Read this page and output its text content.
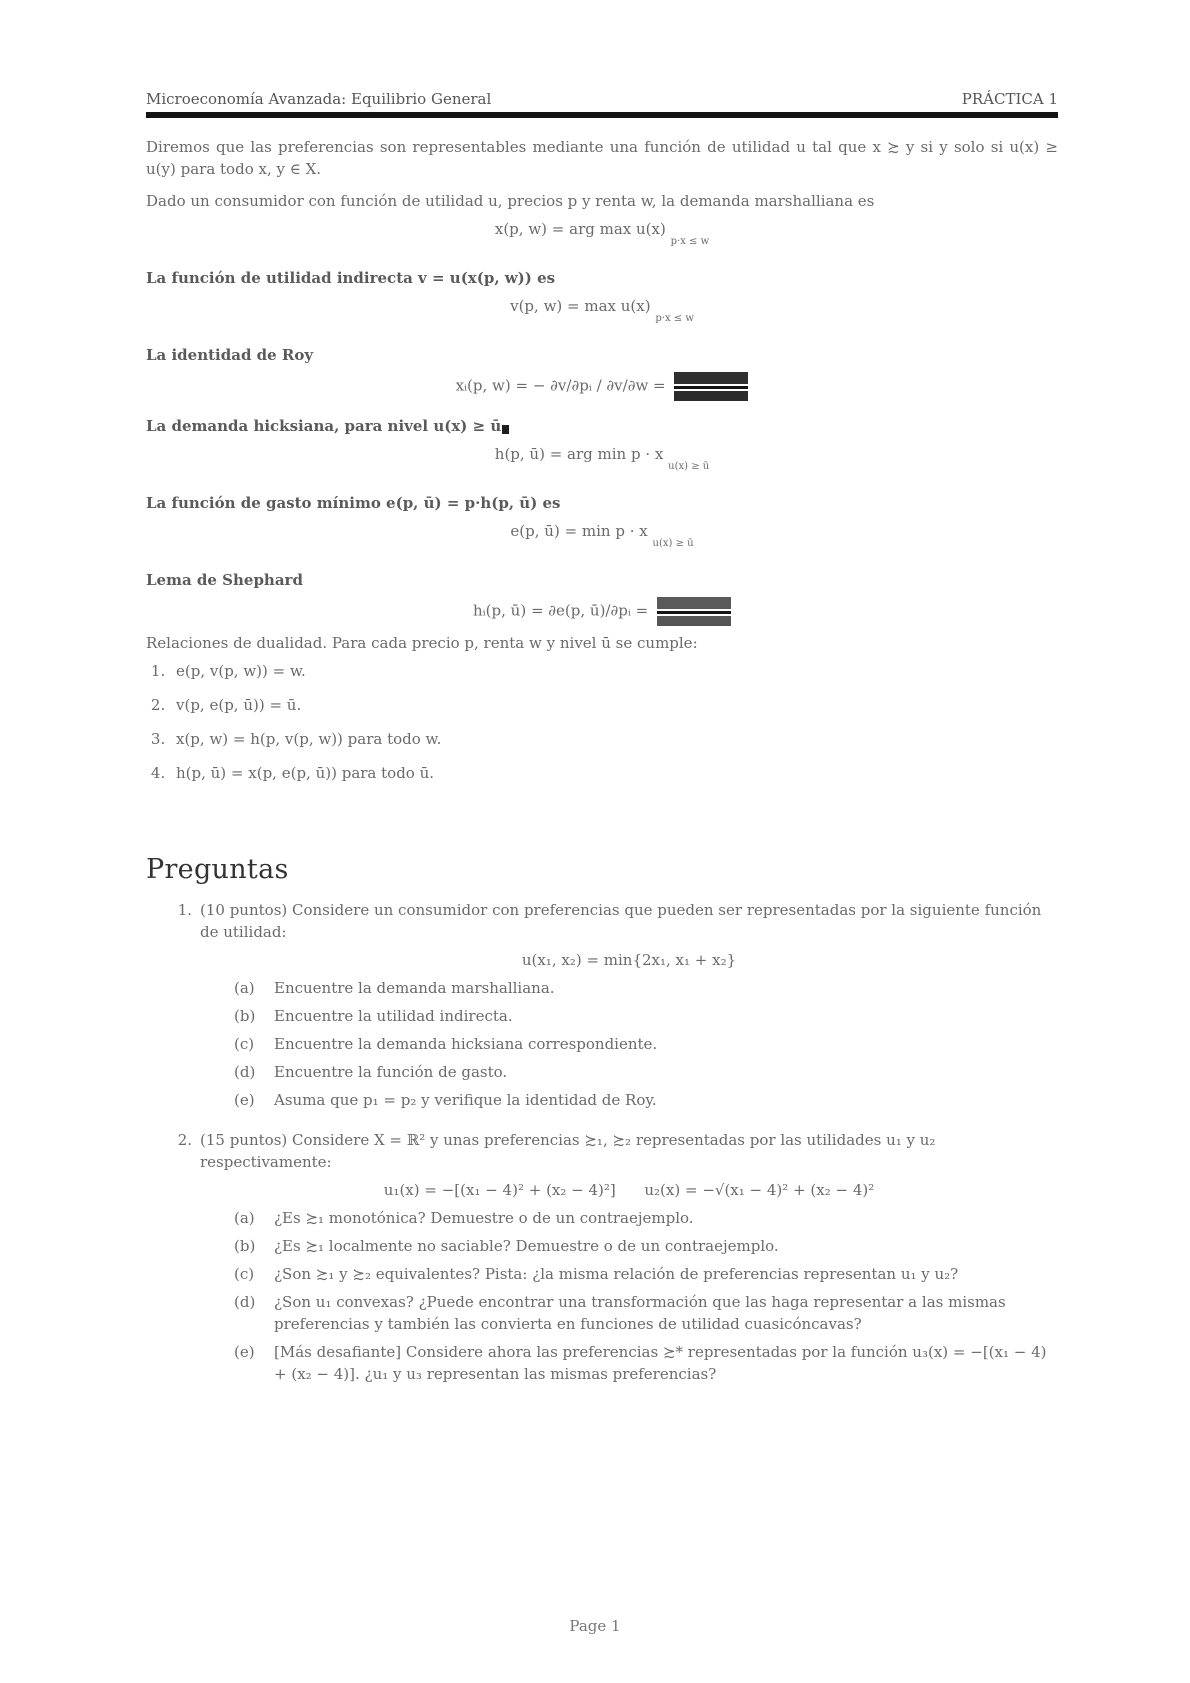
Microeconomía Avanzada: Equilibrio General	PRÁCTICA 1

Diremos que las preferencias son representables mediante una función de utilidad u tal que x ≿ y si y solo si u(x) ≥ u(y) para todo x, y ∈ X.

Dado un consumidor con función de utilidad u, precios p y renta w, la demanda marshalliana es

x(p, w) = arg max u(x) p·x ≤ w

La función de utilidad indirecta v = u(x(p, w)) es

v(p, w) = max u(x) p·x ≤ w

La identidad de Roy

xᵢ(p, w) = − ∂v/∂pᵢ / ∂v/∂w =

La demanda hicksiana, para nivel u(x) ≥ ū

h(p, ū) = arg min p · x u(x) ≥ ū

La función de gasto mínimo e(p, ū) = p·h(p, ū) es

e(p, ū) = min p · x u(x) ≥ ū

Lema de Shephard

hᵢ(p, ū) = ∂e(p, ū)/∂pᵢ =

Relaciones de dualidad. Para cada precio p, renta w y nivel ū se cumple:

1. e(p, v(p, w)) = w.
2. v(p, e(p, ū)) = ū.
3. x(p, w) = h(p, v(p, w)) para todo w.
4. h(p, ū) = x(p, e(p, ū)) para todo ū.
Preguntas
1. (10 puntos) Considere un consumidor con preferencias que pueden ser representadas por la siguiente función de utilidad:
u(x₁, x₂) = min{2x₁, x₁ + x₂}
(a)	Encuentre la demanda marshalliana.
(b)	Encuentre la utilidad indirecta.
(c)	Encuentre la demanda hicksiana correspondiente.
(d)	Encuentre la función de gasto.
(e)	Asuma que p₁ = p₂ y verifique la identidad de Roy.
2. (15 puntos) Considere X = ℝ² y unas preferencias ≿₁, ≿₂ representadas por las utilidades u₁ y u₂ respectivamente:
u₁(x) = −[(x₁ − 4)² + (x₂ − 4)²] u₂(x) = −√(x₁ − 4)² + (x₂ − 4)²
(a)	¿Es ≿₁ monotónica? Demuestre o de un contraejemplo.
(b)	¿Es ≿₁ localmente no saciable? Demuestre o de un contraejemplo.
(c)	¿Son ≿₁ y ≿₂ equivalentes? Pista: ¿la misma relación de preferencias representan u₁ y u₂?
(d)	¿Son u₁ convexas? ¿Puede encontrar una transformación que las haga representar a las mismas preferencias y también las convierta en funciones de utilidad cuasicóncavas?
(e)	[Más desafiante] Considere ahora las preferencias ≿* representadas por la función u₃(x) = −[(x₁ − 4) + (x₂ − 4)]. ¿u₁ y u₃ representan las mismas preferencias?
Page 1
